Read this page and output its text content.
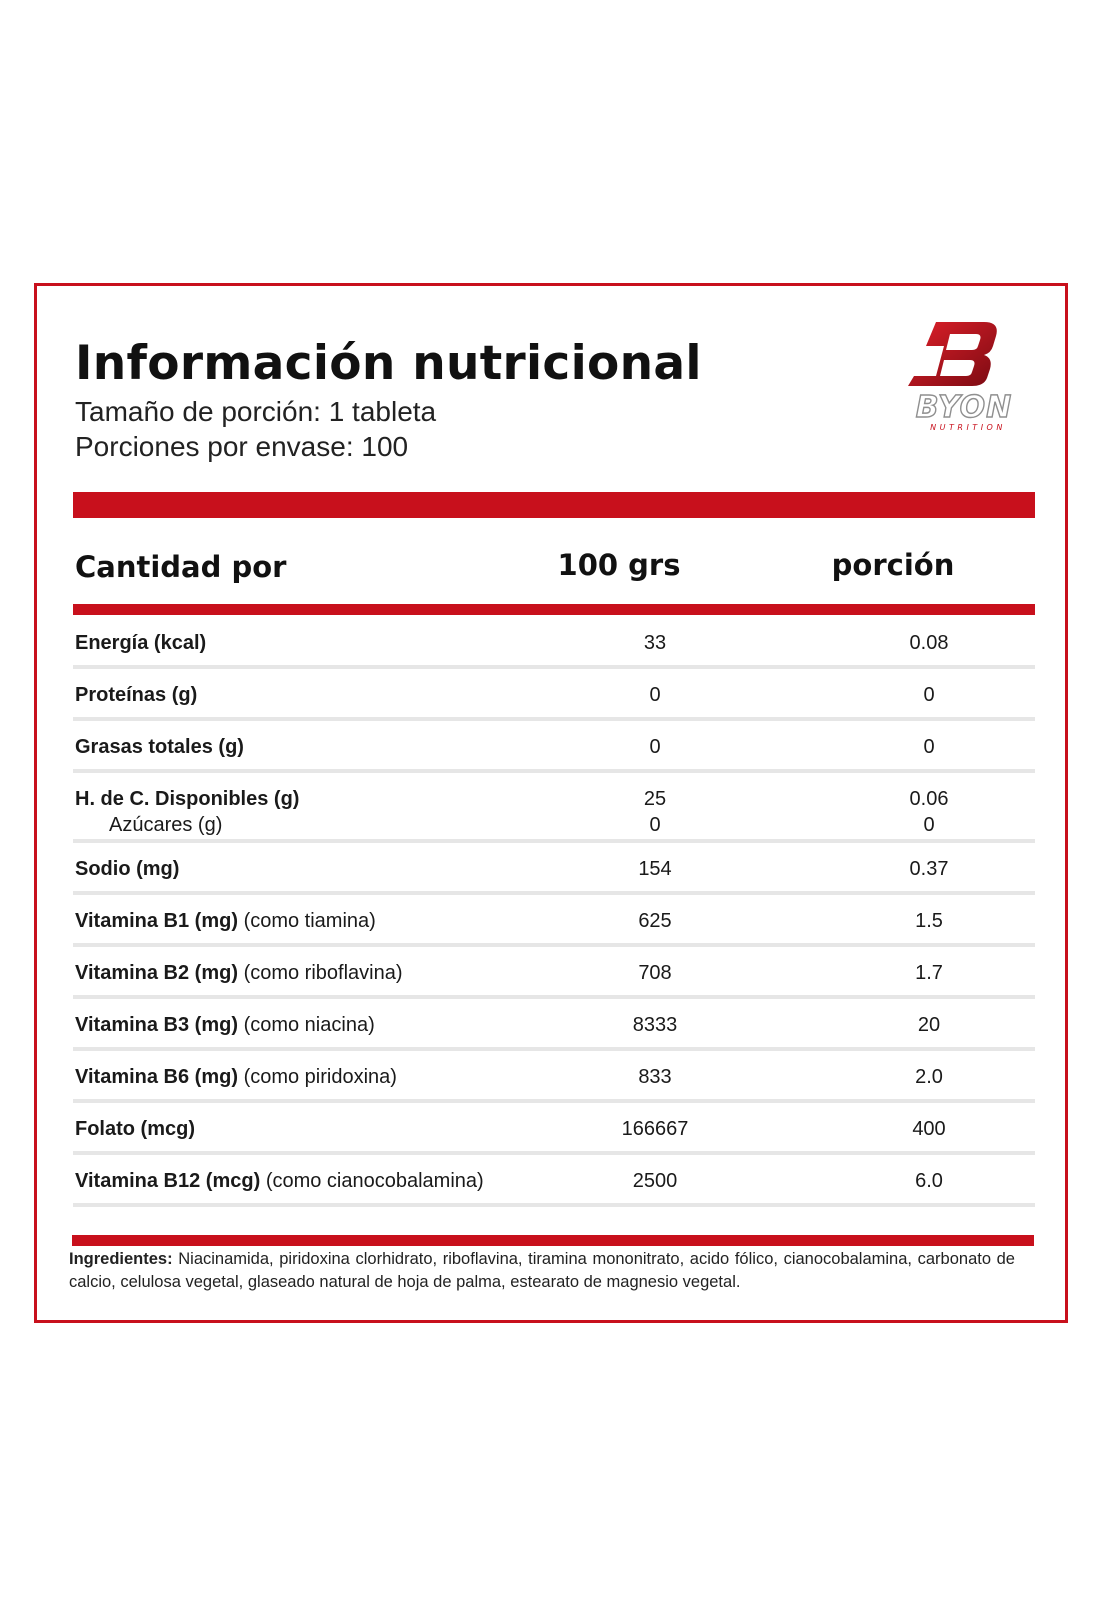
Información nutricional
Tamaño de porción: 1 tableta
Porciones por envase: 100
BYON
NUTRITION
Cantidad por	100 grs	porción
Energía (kcal)	33	0.08
Proteínas (g)	0	0
Grasas totales (g)	0	0
H. de C. Disponibles (g)	25	0.06
Azúcares (g)	0	0
Sodio (mg)	154	0.37
Vitamina B1 (mg) (como tiamina)	625	1.5
Vitamina B2 (mg) (como riboflavina)	708	1.7
Vitamina B3 (mg) (como niacina)	8333	20
Vitamina B6 (mg) (como piridoxina)	833	2.0
Folato (mcg)	166667	400
Vitamina B12 (mcg) (como cianocobalamina)	2500	6.0
Ingredientes: Niacinamida, piridoxina clorhidrato, riboflavina, tiramina mononitrato, acido fólico, cianocobalamina, carbonato de calcio, celulosa vegetal, glaseado natural de hoja de palma, estearato de magnesio vegetal.
